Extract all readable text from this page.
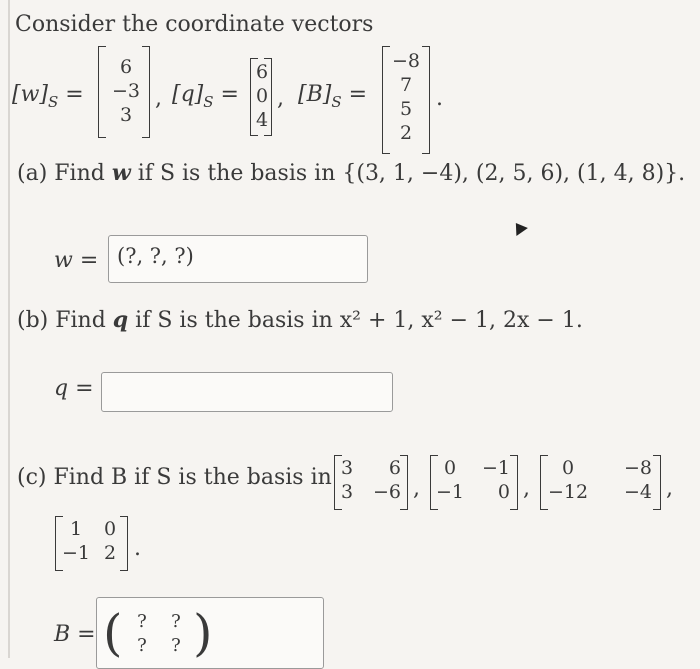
Consider the coordinate vectors
$[w]_S$ =
6
−3
3
, $[q]_S$ =
6
0
4
, $[B]_S$ =
−8
7
5
2
.
(a) Find w if S is the basis in {(3, 1, −4), (2, 5, 6), (1, 4, 8)}.
w = (?, ?, ?)
(b) Find q if S is the basis in x² + 1, x² − 1, 2x − 1.
q =
(c) Find B if S is the basis in 3
3
6
−6 ,
0
−1
−1
0 ,
0
−12
−8
−4 ,
1
−1
0
2 .
B = ( ?
?
?
? )
